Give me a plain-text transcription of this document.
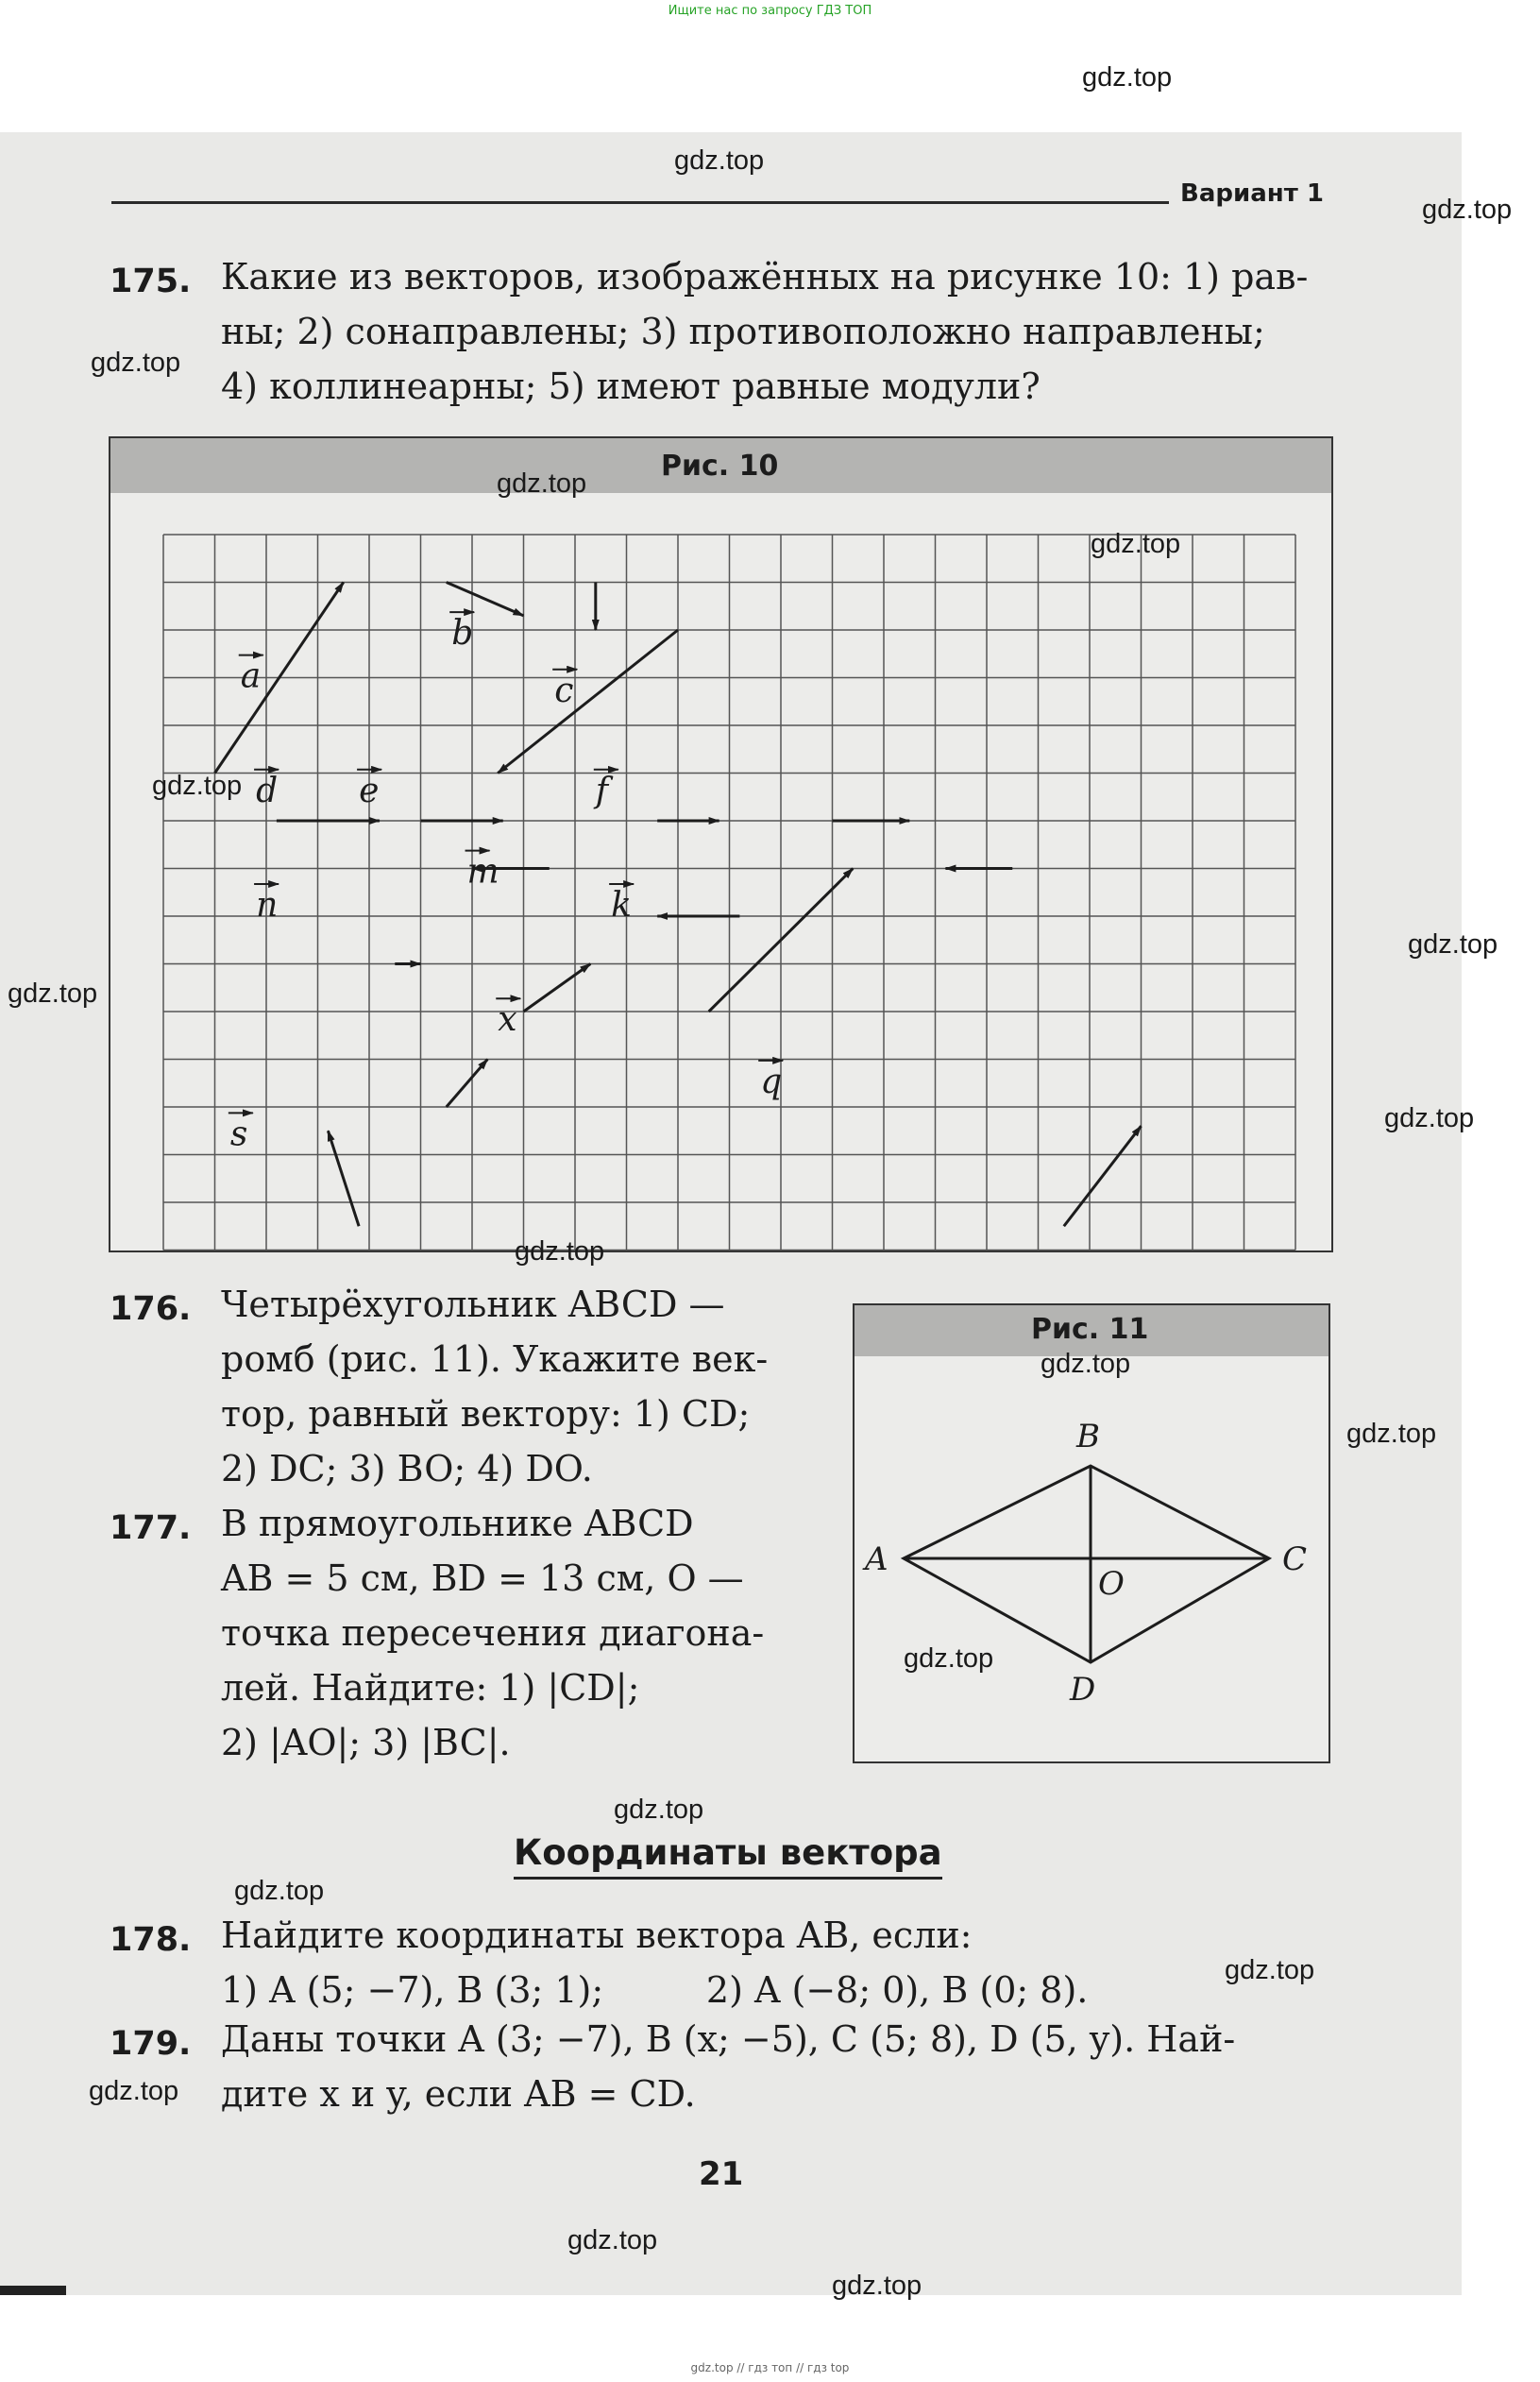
Ищите нас по запросу ГДЗ ТОП
Вариант 1
175. Какие из векторов, изображённых на рисунке 10: 1) рав-
ны; 2) сонаправлены; 3) противоположно направлены;
4) коллинеарны; 5) имеют равные модули?
Рис. 10
a
b
c
d e	f
m
n	k
x
q
s
176. Четырёхугольник ABCD —
ромб (рис. 11). Укажите век-
тор, равный вектору: 1) CD;
2) DC; 3) BO; 4) DO.
177. В прямоугольнике ABCD
AB = 5 см, BD = 13 см, O —
точка пересечения диагона-
лей. Найдите: 1) |CD|;
2) |AO|; 3) |BC|.
Рис. 11
A
B
C
D
O
Координаты вектора
178. Найдите координаты вектора AB, если:
1) A (5; −7), B (3; 1);         2) A (−8; 0), B (0; 8).
179. Даны точки A (3; −7), B (x; −5), C (5; 8), D (5, y). Най-
дите x и y, если AB = CD.
21
gdz.top
gdz.top
gdz.top
gdz.top
gdz.top
gdz.top
gdz.top
gdz.top
gdz.top
gdz.top
gdz.top
gdz.top
gdz.top
gdz.top
gdz.top
gdz.top
gdz.top
gdz.top
gdz.top
gdz.top
gdz.top // гдз топ // гдз top
